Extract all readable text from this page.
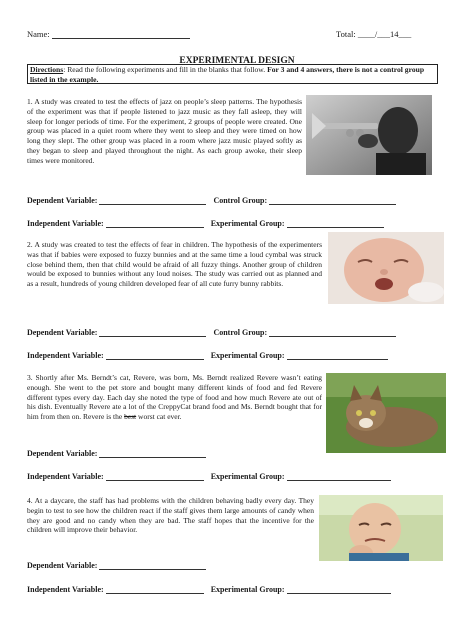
Name:	Total: ____/___14___
EXPERIMENTAL DESIGN
Directions: Read the following experiments and fill in the blanks that follow. For 3 and 4 answers, there is not a control group listed in the example.
1. A study was created to test the effects of jazz on people’s sleep patterns. The hypothesis of the experiment was that if people listened to jazz music as they fall asleep, they will sleep for longer periods of time. For the experiment, 2 groups of people were created. One group was placed in a quiet room where they went to sleep and they were timed on how long they slept. The other group was placed in a room where jazz music played softly as they began to sleep and played throughout the night. As each group awoke, their sleep times were monitored.
Dependent Variable:	Control Group:
Independent Variable:	Experimental Group:
2. A study was created to test the effects of fear in children. The hypothesis of the experimenters was that if babies were exposed to fuzzy bunnies and at the same time a loud cymbal was struck close behind them, then that child would be afraid of all fuzzy things. Another group of children would be exposed to bunnies without any loud noises. The study was carried out as planned and as a result, hundreds of young children developed fear of all cute furry bunny rabbits.
Dependent Variable:	Control Group:
Independent Variable:	Experimental Group:
3. Shortly after Ms. Berndt’s cat, Revere, was born, Ms. Berndt realized Revere wasn’t eating enough. She went to the pet store and bought many different kinds of food and fed Revere different types every day. Each day she noted the type of food and how much Revere ate out of his dish. Eventually Revere ate a lot of the CreppyCat brand food and Ms. Berndt bought that for him from then on. Revere is the best worst cat ever.
Dependent Variable:
Independent Variable:	Experimental Group:
4. At a daycare, the staff has had problems with the children behaving badly every day. They begin to test to see how the children react if the staff gives them large amounts of candy when they are good and no candy when they are bad. The staff hopes that the incentive for the children will improve their behavior.
Dependent Variable:
Independent Variable:	Experimental Group:
